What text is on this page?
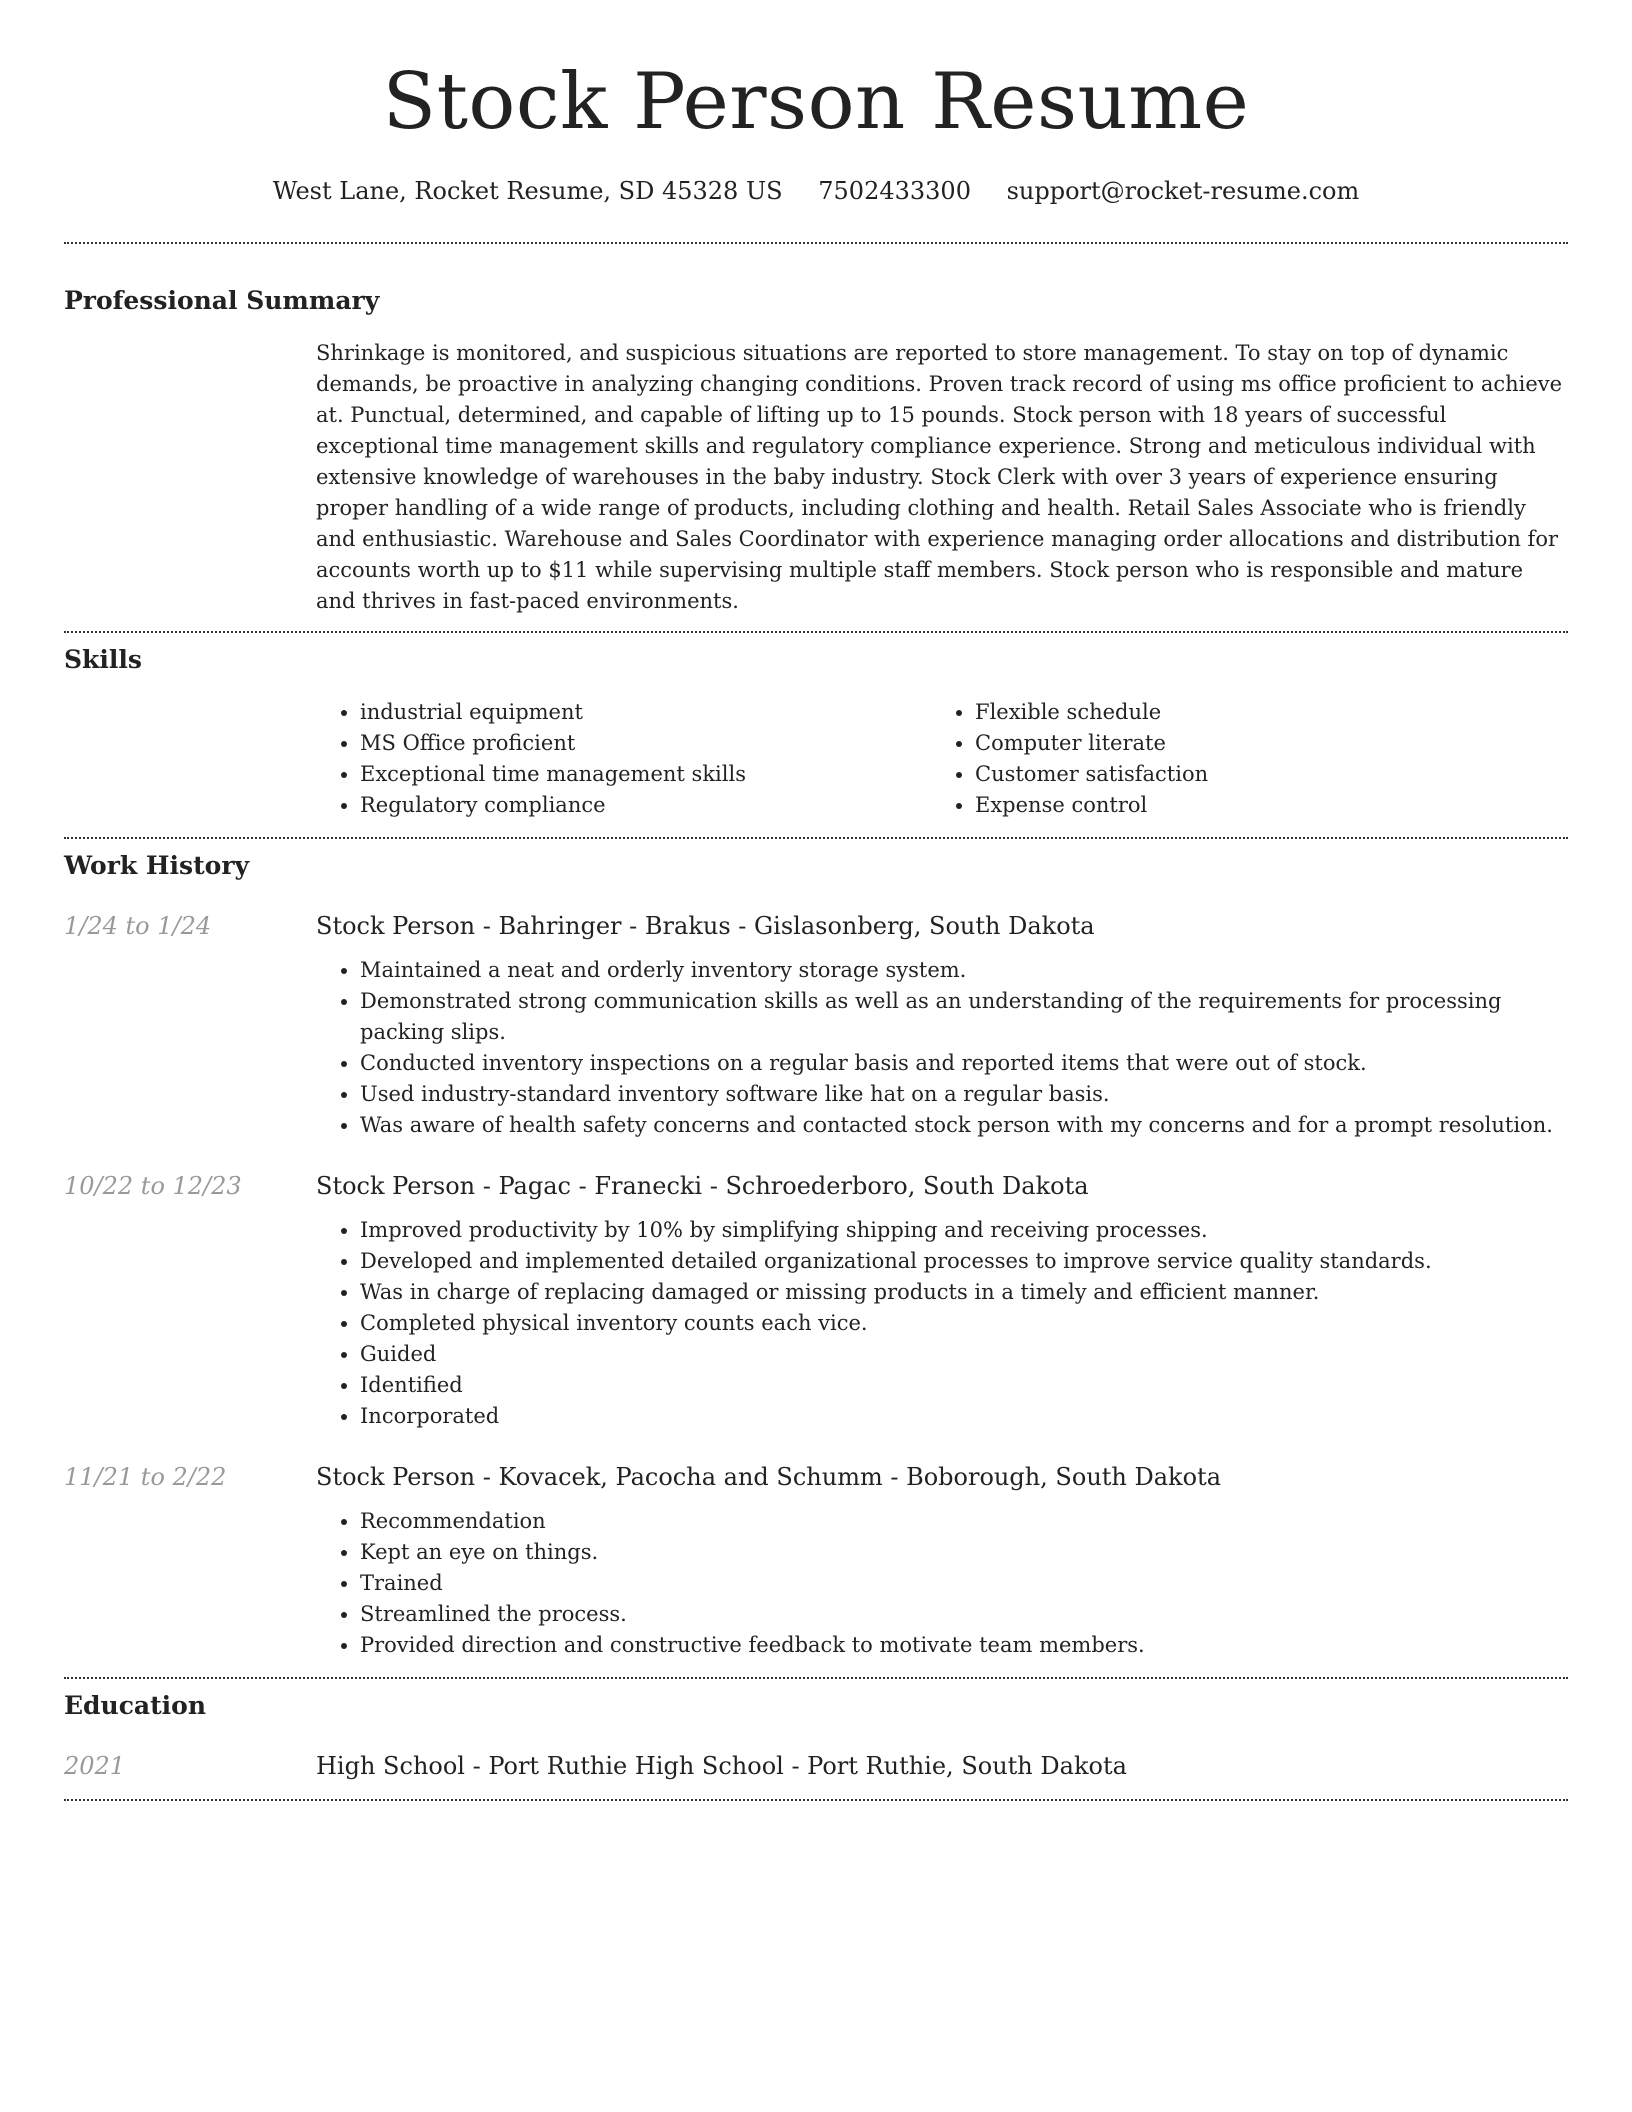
Stock Person Resume
West Lane, Rocket Resume, SD 45328 US 7502433300 support@rocket-resume.com
Professional Summary

Shrinkage is monitored, and suspicious situations are reported to store management. To stay on top of dynamic demands, be proactive in analyzing changing conditions. Proven track record of using ms office proficient to achieve at. Punctual, determined, and capable of lifting up to 15 pounds. Stock person with 18 years of successful exceptional time management skills and regulatory compliance experience. Strong and meticulous individual with extensive knowledge of warehouses in the baby industry. Stock Clerk with over 3 years of experience ensuring proper handling of a wide range of products, including clothing and health. Retail Sales Associate who is friendly and enthusiastic. Warehouse and Sales Coordinator with experience managing order allocations and distribution for accounts worth up to $11 while supervising multiple staff members. Stock person who is responsible and mature and thrives in fast-paced environments.

Skills
• industrial equipment
• MS Office proficient
• Exceptional time management skills
• Regulatory compliance
• Flexible schedule
• Computer literate
• Customer satisfaction
• Expense control
Work History
1/24 to 1/24	Stock Person - Bahringer - Brakus - Gislasonberg, South Dakota
• Maintained a neat and orderly inventory storage system.
• Demonstrated strong communication skills as well as an understanding of the requirements for processing packing slips.
• Conducted inventory inspections on a regular basis and reported items that were out of stock.
• Used industry-standard inventory software like hat on a regular basis.
• Was aware of health safety concerns and contacted stock person with my concerns and for a prompt resolution.
10/22 to 12/23	Stock Person - Pagac - Franecki - Schroederboro, South Dakota
• Improved productivity by 10% by simplifying shipping and receiving processes.
• Developed and implemented detailed organizational processes to improve service quality standards.
• Was in charge of replacing damaged or missing products in a timely and efficient manner.
• Completed physical inventory counts each vice.
• Guided
• Identified
• Incorporated
11/21 to 2/22	Stock Person - Kovacek, Pacocha and Schumm - Boborough, South Dakota
• Recommendation
• Kept an eye on things.
• Trained
• Streamlined the process.
• Provided direction and constructive feedback to motivate team members.
Education
2021	High School - Port Ruthie High School - Port Ruthie, South Dakota
